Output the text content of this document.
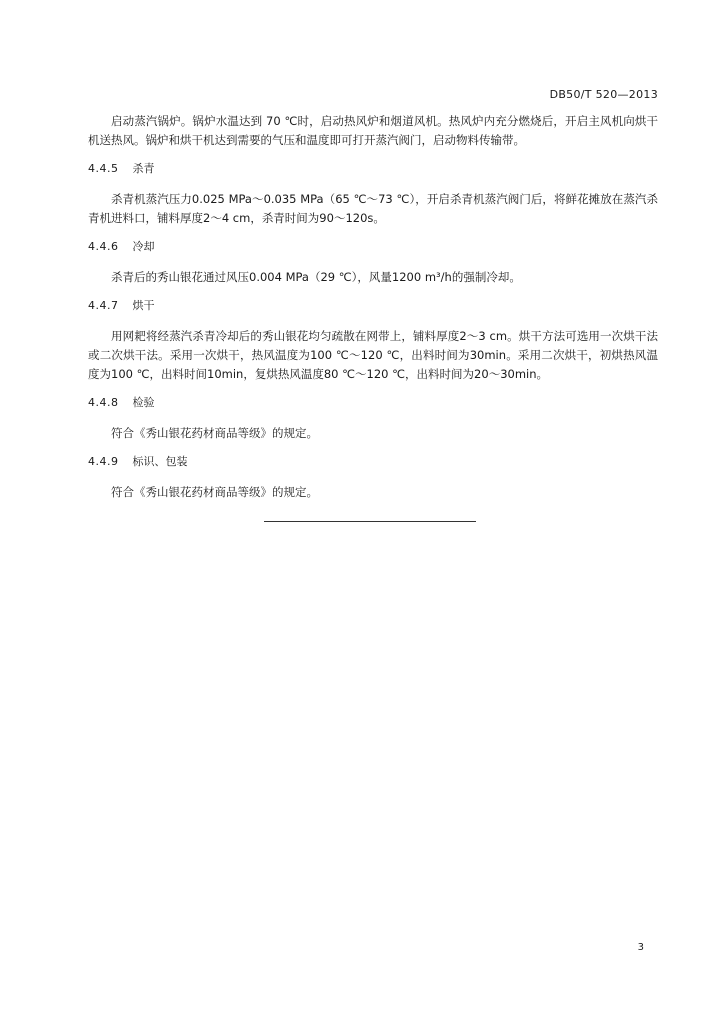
DB50/T 520—2013

启动蒸汽锅炉。锅炉水温达到 70 ℃时，启动热风炉和烟道风机。热风炉内充分燃烧后，开启主风机向烘干机送热风。锅炉和烘干机达到需要的气压和温度即可打开蒸汽阀门，启动物料传输带。

4.4.5 杀青

杀青机蒸汽压力0.025 MPa～0.035 MPa（65 ℃～73 ℃），开启杀青机蒸汽阀门后，将鲜花摊放在蒸汽杀青机进料口，铺料厚度2～4 cm，杀青时间为90～120s。

4.4.6 冷却

杀青后的秀山银花通过风压0.004 MPa（29 ℃），风量1200 m³/h的强制冷却。

4.4.7 烘干

用网耙将经蒸汽杀青冷却后的秀山银花均匀疏散在网带上，铺料厚度2～3 cm。烘干方法可选用一次烘干法或二次烘干法。采用一次烘干，热风温度为100 ℃～120 ℃，出料时间为30min。采用二次烘干，初烘热风温度为100 ℃，出料时间10min，复烘热风温度80 ℃～120 ℃，出料时间为20～30min。

4.4.8 检验

符合《秀山银花药材商品等级》的规定。

4.4.9 标识、包装

符合《秀山银花药材商品等级》的规定。

3
